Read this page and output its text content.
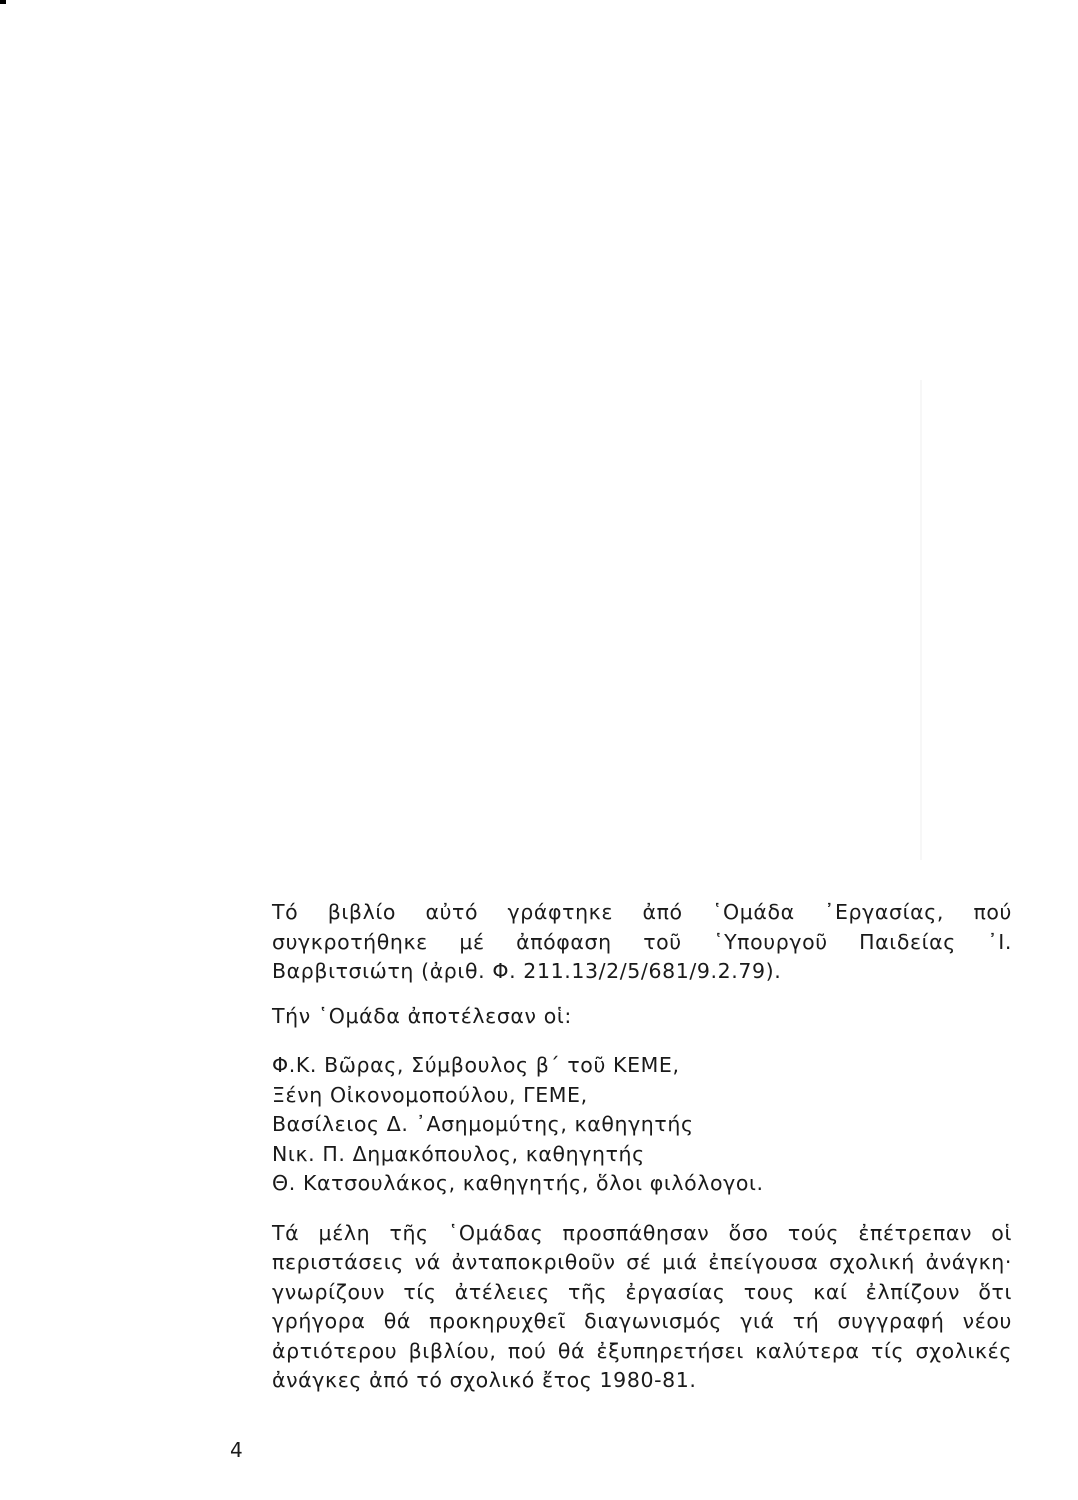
Τό βιβλίο αὐτό γράφτηκε ἀπό ῾Ομάδα ᾿Εργασίας, πού συγκροτήθηκε μέ ἀπόφαση τοῦ ῾Υπουργοῦ Παιδείας ᾿Ι. Βαρβιτσιώτη (ἀριθ. Φ. 211.13/2/5/681/9.2.79).

Τήν ῾Ομάδα ἀποτέλεσαν οἱ:

Φ.Κ. Βῶρας, Σύμβουλος β΄ τοῦ ΚΕΜΕ,
Ξένη Οἰκονομοπούλου, ΓΕΜΕ,
Βασίλειος Δ. ᾿Ασημομύτης, καθηγητής
Νικ. Π. Δημακόπουλος, καθηγητής
Θ. Κατσουλάκος, καθηγητής, ὅλοι φιλόλογοι.

Τά μέλη τῆς ῾Ομάδας προσπάθησαν ὅσο τούς ἐπέτρεπαν οἱ περιστάσεις νά ἀνταποκριθοῦν σέ μιά ἐπείγουσα σχολική ἀνάγκη· γνωρίζουν τίς ἀτέλειες τῆς ἐργασίας τους καί ἐλπίζουν ὅτι γρήγορα θά προκηρυχθεῖ διαγωνισμός γιά τή συγγραφή νέου ἀρτιότερου βιβλίου, πού θά ἐξυπηρετήσει καλύτερα τίς σχολικές ἀνάγκες ἀπό τό σχολικό ἔτος 1980-81.

4
